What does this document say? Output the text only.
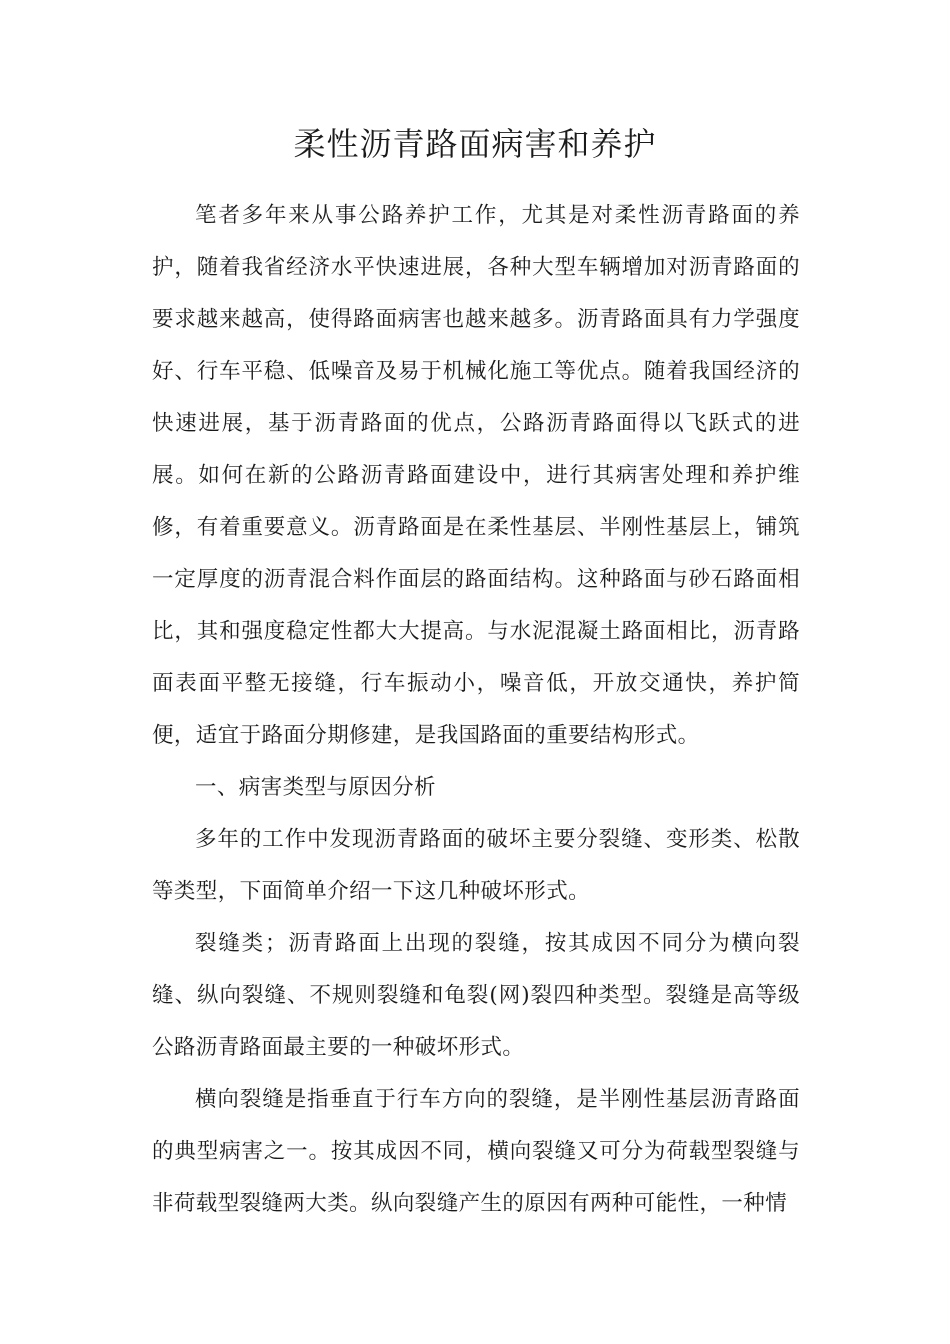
柔性沥青路面病害和养护

笔者多年来从事公路养护工作，尤其是对柔性沥青路面的养护，随着我省经济水平快速进展，各种大型车辆增加对沥青路面的要求越来越高，使得路面病害也越来越多。沥青路面具有力学强度好、行车平稳、低噪音及易于机械化施工等优点。随着我国经济的快速进展，基于沥青路面的优点，公路沥青路面得以飞跃式的进展。如何在新的公路沥青路面建设中，进行其病害处理和养护维修，有着重要意义。沥青路面是在柔性基层、半刚性基层上，铺筑一定厚度的沥青混合料作面层的路面结构。这种路面与砂石路面相比，其和强度稳定性都大大提高。与水泥混凝土路面相比，沥青路面表面平整无接缝，行车振动小，噪音低，开放交通快，养护简便，适宜于路面分期修建，是我国路面的重要结构形式。

一、病害类型与原因分析

多年的工作中发现沥青路面的破坏主要分裂缝、变形类、松散等类型，下面简单介绍一下这几种破坏形式。

裂缝类；沥青路面上出现的裂缝，按其成因不同分为横向裂缝、纵向裂缝、不规则裂缝和龟裂(网)裂四种类型。裂缝是高等级公路沥青路面最主要的一种破坏形式。

横向裂缝是指垂直于行车方向的裂缝，是半刚性基层沥青路面的典型病害之一。按其成因不同，横向裂缝又可分为荷载型裂缝与非荷载型裂缝两大类。纵向裂缝产生的原因有两种可能性，一种情
